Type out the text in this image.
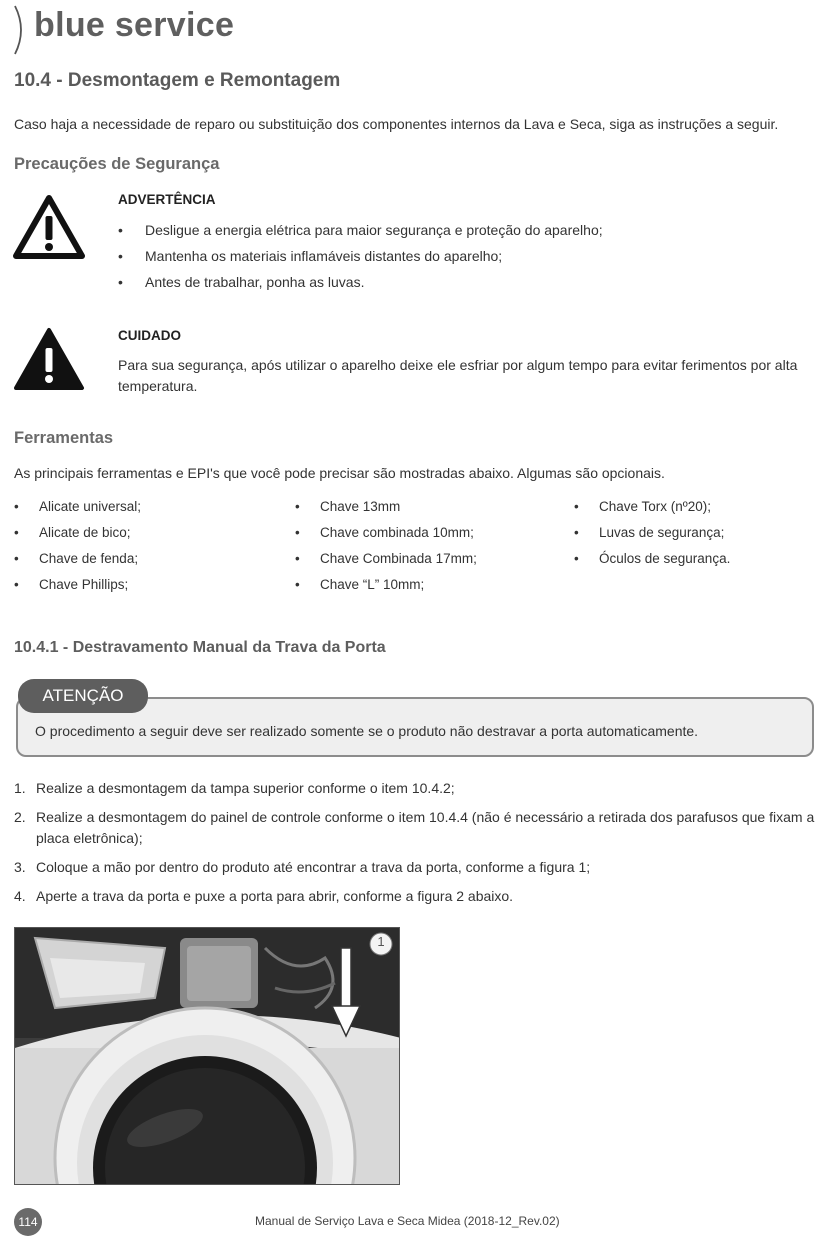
blue service
10.4 - Desmontagem e Remontagem
Caso haja a necessidade de reparo ou substituição dos componentes internos da Lava e Seca, siga as instruções a seguir.
Precauções de Segurança
ADVERTÊNCIA
• Desligue a energia elétrica para maior segurança e proteção do aparelho;
• Mantenha os materiais inflamáveis distantes do aparelho;
• Antes de trabalhar, ponha as luvas.
CUIDADO
Para sua segurança, após utilizar o aparelho deixe ele esfriar por algum tempo para evitar ferimentos por alta temperatura.
Ferramentas
As principais ferramentas e EPI's que você pode precisar são mostradas abaixo. Algumas são opcionais.
• Alicate universal;
• Alicate de bico;
• Chave de fenda;
• Chave Phillips;
• Chave 13mm
• Chave combinada 10mm;
• Chave Combinada 17mm;
• Chave “L” 10mm;
• Chave Torx (nº20);
• Luvas de segurança;
• Óculos de segurança.
10.4.1 - Destravamento Manual da Trava da Porta
ATENÇÃO
O procedimento a seguir deve ser realizado somente se o produto não destravar a porta automaticamente.
1. Realize a desmontagem da tampa superior conforme o item 10.4.2;
2. Realize a desmontagem do painel de controle conforme o item 10.4.4 (não é necessário a retirada dos parafusos que fixam a placa eletrônica);
3. Coloque a mão por dentro do produto até encontrar a trava da porta, conforme a figura 1;
4. Aperte a trava da porta e puxe a porta para abrir, conforme a figura 2 abaixo.
1
114	Manual de Serviço Lava e Seca Midea (2018-12_Rev.02)
